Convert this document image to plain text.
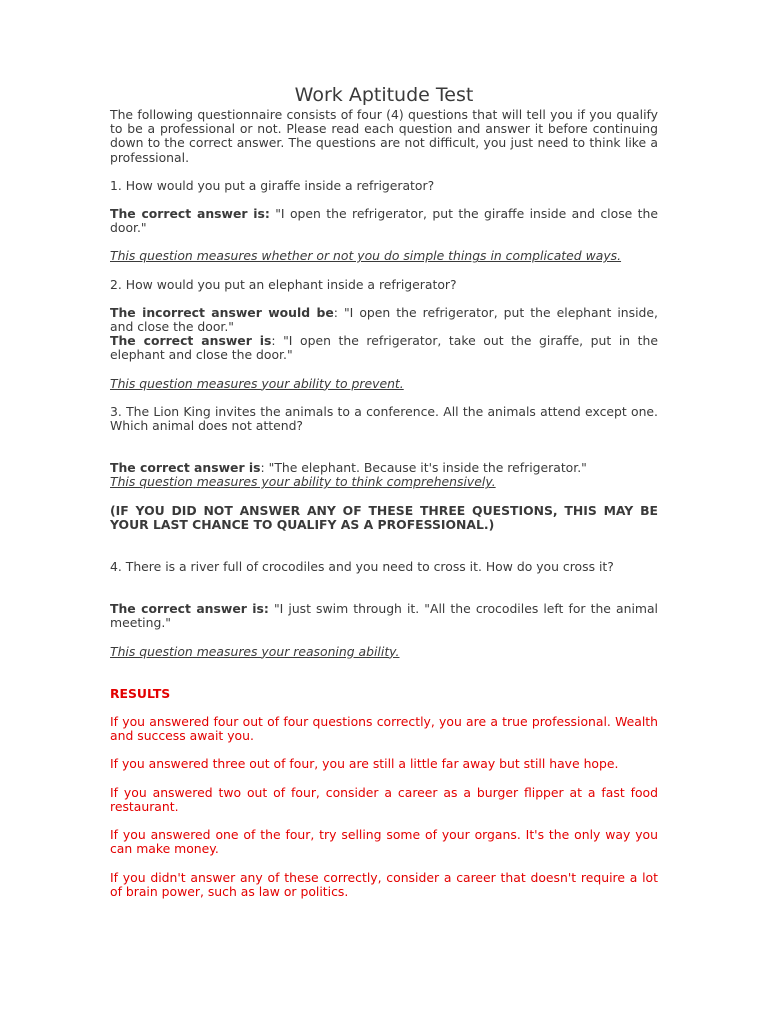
Work Aptitude Test

The following questionnaire consists of four (4) questions that will tell you if you qualify to be a professional or not. Please read each question and answer it before continuing down to the correct answer. The questions are not difficult, you just need to think like a professional.

1. How would you put a giraffe inside a refrigerator?

The correct answer is: "I open the refrigerator, put the giraffe inside and close the door."

This question measures whether or not you do simple things in complicated ways.

2. How would you put an elephant inside a refrigerator?

The incorrect answer would be: "I open the refrigerator, put the elephant inside, and close the door."

The correct answer is: "I open the refrigerator, take out the giraffe, put in the elephant and close the door."

This question measures your ability to prevent.

3. The Lion King invites the animals to a conference. All the animals attend except one. Which animal does not attend?

The correct answer is: "The elephant. Because it's inside the refrigerator."

This question measures your ability to think comprehensively.

(IF YOU DID NOT ANSWER ANY OF THESE THREE QUESTIONS, THIS MAY BE YOUR LAST CHANCE TO QUALIFY AS A PROFESSIONAL.)

4. There is a river full of crocodiles and you need to cross it. How do you cross it?

The correct answer is: "I just swim through it. "All the crocodiles left for the animal meeting."

This question measures your reasoning ability.

RESULTS

If you answered four out of four questions correctly, you are a true professional. Wealth and success await you.

If you answered three out of four, you are still a little far away but still have hope.

If you answered two out of four, consider a career as a burger flipper at a fast food restaurant.

If you answered one of the four, try selling some of your organs. It's the only way you can make money.

If you didn't answer any of these correctly, consider a career that doesn't require a lot of brain power, such as law or politics.
